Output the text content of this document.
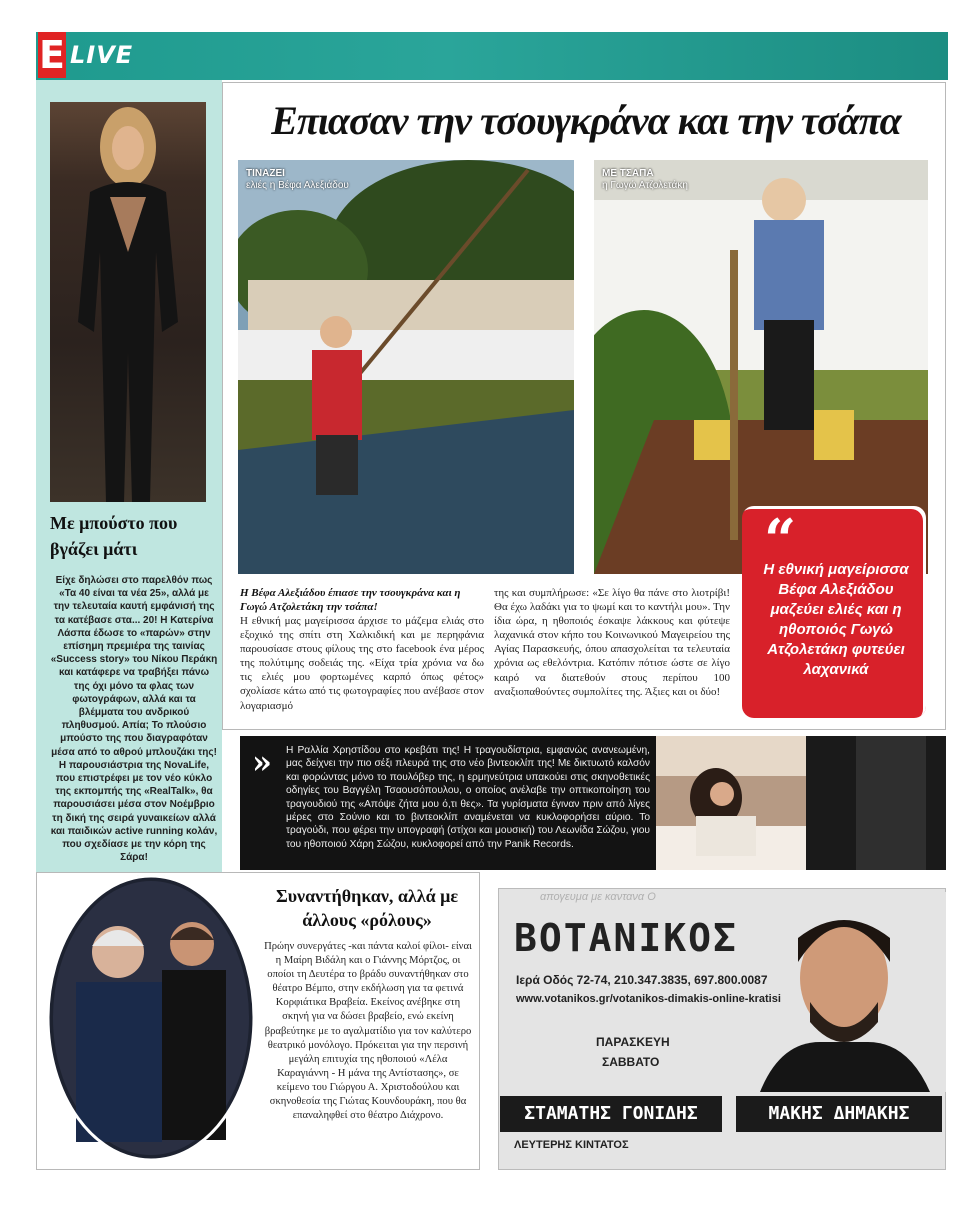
E LIVE
Με μπούστο που βγάζει μάτι
Είχε δηλώσει στο παρελθόν πως «Τα 40 είναι τα νέα 25», αλλά με την τελευταία καυτή εμφάνισή της τα κατέβασε στα... 20! Η Κατερίνα Λάσπα έδωσε το «παρών» στην επίσημη πρεμιέρα της ταινίας «Success story» του Νίκου Περάκη και κατάφερε να τραβήξει πάνω της όχι μόνο τα φλας των φωτογράφων, αλλά και τα βλέμματα του ανδρικού πληθυσμού. Απία; Το πλούσιο μπούστο της που διαγραφόταν μέσα από το αθρού μπλουζάκι της! Η παρουσιάστρια της NovaLife, που επιστρέφει με τον νέο κύκλο της εκπομπής της «RealTalk», θα παρουσιάσει μέσα στον Νοέμβριο τη δική της σειρά γυναικείων αλλά και παιδικών active running κολάν, που σχεδίασε με την κόρη της Σάρα!
Επιασαν την τσουγκράνα και την τσάπα
ΤΙΝΑΖΕΙ
ελιές η Βέφα Αλεξιάδου
ΜΕ ΤΣΑΠΑ
η Γωγώ Ατζολετάκη
Η Βέφα Αλεξιάδου έπιασε την τσουγκράνα και η Γωγώ Ατζολετάκη την τσάπα!
Η εθνική μας μαγείρισσα άρχισε το μάζεμα ελιάς στο εξοχικό της σπίτι στη Χαλκιδική και με περηφάνια παρουσίασε στους φίλους της στο facebook ένα μέρος της πολύτιμης σοδειάς της. «Είχα τρία χρόνια να δω τις ελιές μου φορτωμένες καρπό όπως φέτος» σχολίασε κάτω από τις φωτογραφίες που ανέβασε στον λογαριασμό
της και συμπλήρωσε: «Σε λίγο θα πάνε στο λιοτρίβι! Θα έχω λαδάκι για το ψωμί και το καντήλι μου». Την ίδια ώρα, η ηθοποιός έσκαψε λάκκους και φύτεψε λαχανικά στον κήπο του Κοινωνικού Μαγειρείου της Αγίας Παρασκευής, όπου απασχολείται τα τελευταία χρόνια ως εθελόντρια. Κατόπιν πότισε ώστε σε λίγο καιρό να διατεθούν στους περίπου 100 αναξιοπαθούντες συμπολίτες της. Άξιες και οι δύο!
“
Η εθνική μαγείρισσα Βέφα Αλεξιάδου μαζεύει ελιές και η ηθοποιός Γωγώ Ατζολετάκη φυτεύει λαχανικά
» Η Ραλλία Χρηστίδου στο κρεβάτι της! Η τραγουδίστρια, εμφανώς ανανεωμένη, μας δείχνει την πιο σέξι πλευρά της στο νέο βιντεοκλίπ της! Με δικτυωτό καλσόν και φορώντας μόνο το πουλόβερ της, η ερμηνεύτρια υπακούει στις σκηνοθετικές οδηγίες του Βαγγέλη Τσαουσόπουλου, ο οποίος ανέλαβε την οπτικοποίηση του τραγουδιού της «Απόψε ζήτα μου ό,τι θες». Τα γυρίσματα έγιναν πριν από λίγες μέρες στο Σούνιο και το βιντεοκλίπ αναμένεται να κυκλοφορήσει αύριο. Το τραγούδι, που φέρει την υπογραφή (στίχοι και μουσική) του Λεωνίδα Σώζου, γιου του ηθοποιού Χάρη Σώζου, κυκλοφορεί από την Panik Records.
Συναντήθηκαν, αλλά με άλλους «ρόλους»
Πρώην συνεργάτες -και πάντα καλοί φίλοι- είναι η Μαίρη Βιδάλη και ο Γιάννης Μόρτζος, οι οποίοι τη Δευτέρα το βράδυ συναντήθηκαν στο θέατρο Βέμπο, στην εκδήλωση για τα φετινά Κορφιάτικα Βραβεία. Εκείνος ανέβηκε στη σκηνή για να δώσει βραβείο, ενώ εκείνη βραβεύτηκε με το αγαλματίδιο για τον καλύτερο θεατρικό μονόλογο. Πρόκειται για την περσινή μεγάλη επιτυχία της ηθοποιού «Λέλα Καραγιάννη - Η μάνα της Αντίστασης», σε κείμενο του Γιώργου Α. Χριστοδούλου και σκηνοθεσία της Γιώτας Κουνδουράκη, που θα επαναληφθεί στο θέατρο Διάχρονο.
απογευμα με καντανα Ο
ΒΟΤΑΝΙΚΟΣ
Ιερά Οδός 72-74, 210.347.3835, 697.800.0087
www.votanikos.gr/votanikos-dimakis-online-kratisi
ΠΑΡΑΣΚΕΥΗ
ΣΑΒΒΑΤΟ
ΣΤΑΜΑΤΗΣ ΓΟΝΙΔΗΣ	ΜΑΚΗΣ ΔΗΜΑΚΗΣ
ΛΕΥΤΕΡΗΣ ΚΙΝΤΑΤΟΣ
